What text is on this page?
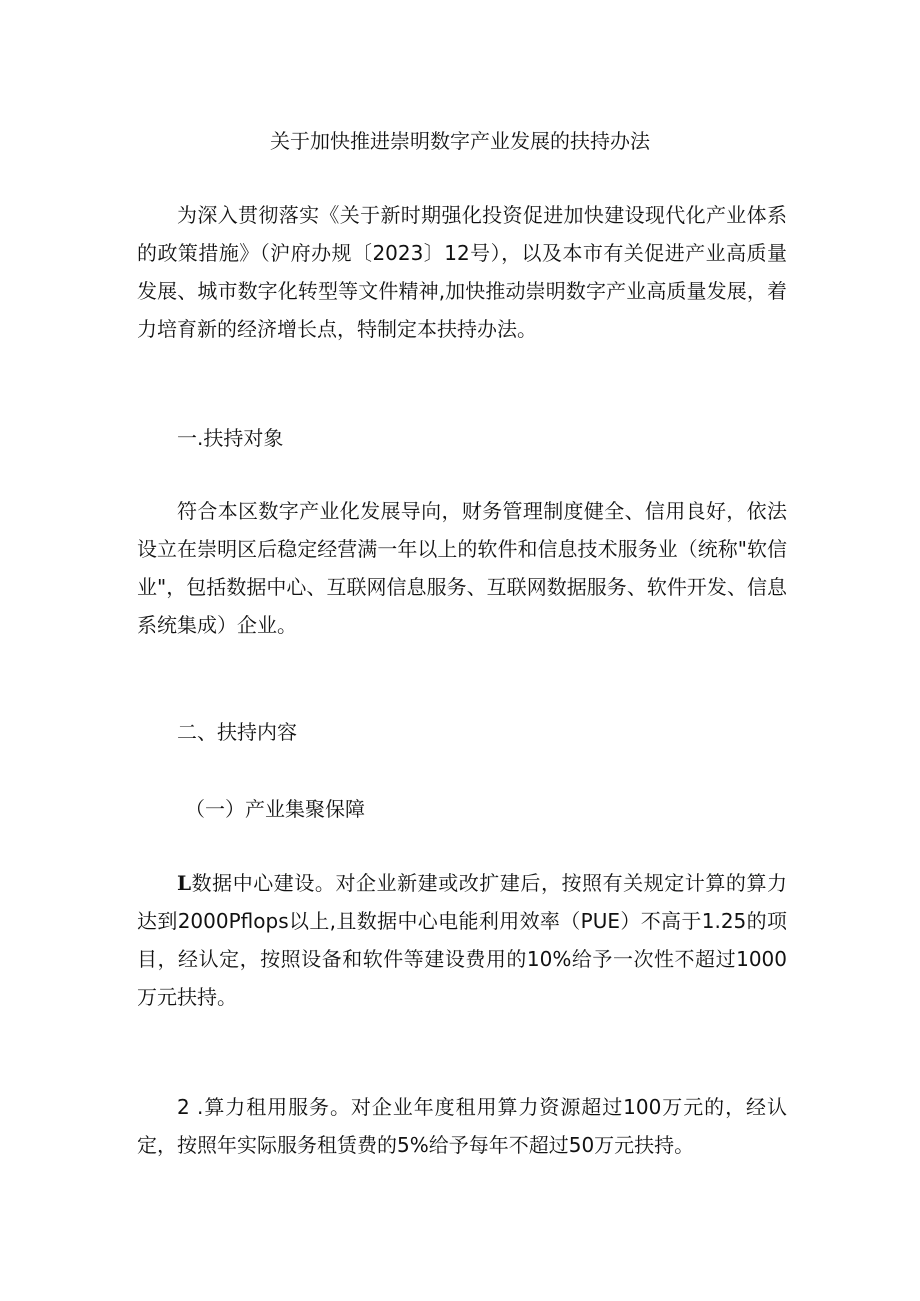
关于加快推进崇明数字产业发展的扶持办法
为深入贯彻落实《关于新时期强化投资促进加快建设现代化产业体系的政策措施》（沪府办规〔2023〕12号），以及本市有关促进产业高质量发展、城市数字化转型等文件精神,加快推动崇明数字产业高质量发展，着力培育新的经济增长点，特制定本扶持办法。
一.扶持对象
符合本区数字产业化发展导向，财务管理制度健全、信用良好，依法设立在崇明区后稳定经营满一年以上的软件和信息技术服务业（统称"软信业"，包括数据中心、互联网信息服务、互联网数据服务、软件开发、信息系统集成）企业。
二、扶持内容
（一）产业集聚保障
L数据中心建设。对企业新建或改扩建后，按照有关规定计算的算力达到2000Pflops以上,且数据中心电能利用效率（PUE）不高于1.25的项目，经认定，按照设备和软件等建设费用的10%给予一次性不超过1000万元扶持。
2 .算力租用服务。对企业年度租用算力资源超过100万元的，经认定，按照年实际服务租赁费的5%给予每年不超过50万元扶持。
